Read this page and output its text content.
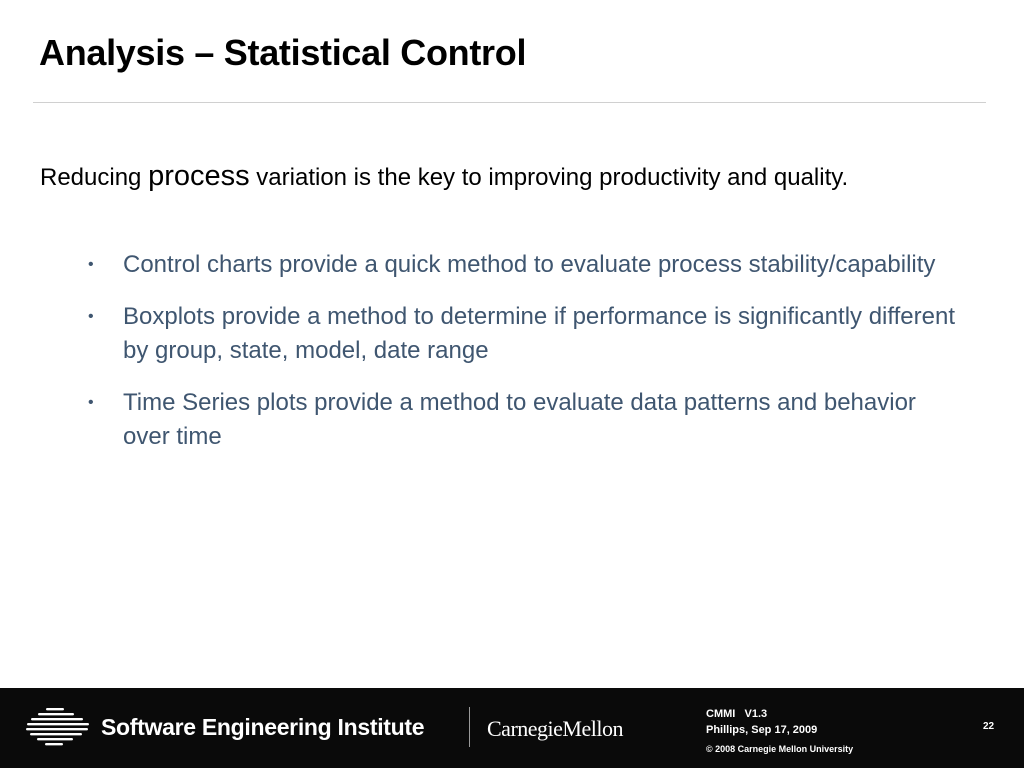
Analysis – Statistical Control

Reducing process variation is the key to improving productivity and quality.

• Control charts provide a quick method to evaluate process stability/capability
• Boxplots provide a method to determine if performance is significantly different by group, state, model, date range
• Time Series plots provide a method to evaluate data patterns and behavior over time
Software Engineering Institute	CarnegieMellon
CMMI   V1.3
Phillips, Sep 17, 2009
© 2008 Carnegie Mellon University
22
